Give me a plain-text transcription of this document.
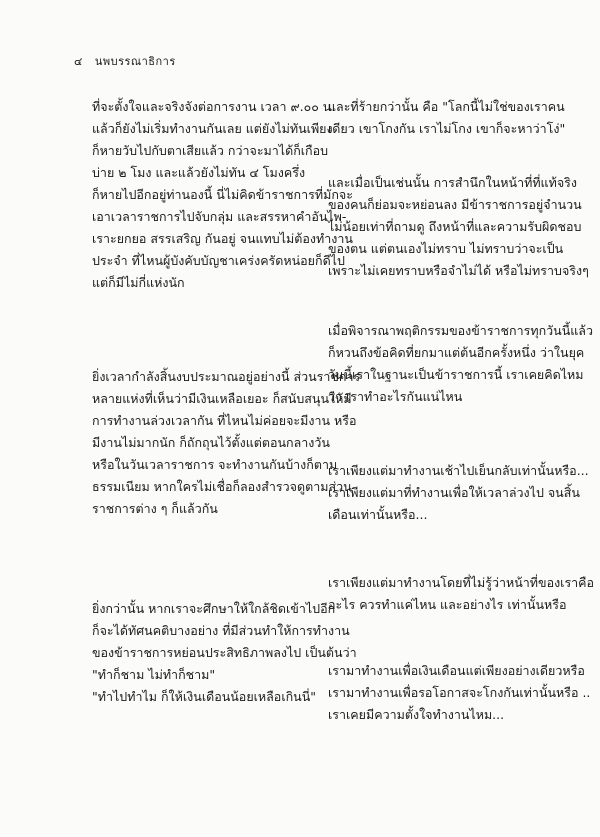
๔ นพบรรณาธิการ
ที่จะตั้งใจและจริงจังต่อการงาน เวลา ๙.๐๐ น.
แล้วก็ยังไม่เริ่มทำงานกันเลย แต่ยังไม่ทันเพียง
ก็หายวับไปกับตาเสียแล้ว กว่าจะมาได้ก็เกือบ
บ่าย ๒ โมง และแล้วยังไม่ทัน ๔ โมงครึ่ง
ก็หายไปอีกอยู่ท่านองนี้ นี่ไม่คิดข้าราชการที่มักจะ
เอาเวลาราชการไปจับกลุ่ม และสรรหาคำอันไพ-
เราะยกยอ สรรเสริญ กันอยู่ จนแทบไม่ต้องทำงาน
ประจำ ที่ไหนผู้บังคับบัญชาเคร่งครัดหน่อยก็ดีไป
แต่ก็มีไม่กี่แห่งนัก
ยิ่งเวลากำลังสิ้นงบประมาณอยู่อย่างนี้ ส่วนราชการ
หลายแห่งที่เห็นว่ามีเงินเหลือเยอะ ก็สนับสนุนให้มี
การทำงานล่วงเวลากัน ที่ไหนไม่ค่อยจะมีงาน หรือ
มีงานไม่มากนัก ก็ถักถุนไว้ตั้งแต่ตอนกลางวัน
หรือในวันเวลาราชการ จะทำงานกันบ้างก็ตาม
ธรรมเนียม หากใครไม่เชื่อก็ลองสำรวจดูตามส่วน
ราชการต่าง ๆ ก็แล้วกัน
ยิ่งกว่านั้น หากเราจะศึกษาให้ใกล้ชิดเข้าไปอีก
ก็จะได้ทัศนคติบางอย่าง ที่มีส่วนทำให้การทำงาน
ของข้าราชการหย่อนประสิทธิภาพลงไป เป็นต้นว่า
"ทำก็ชาม ไม่ทำก็ชาม"
"ทำไปทำไม ก็ให้เงินเดือนน้อยเหลือเกินนี่"
และที่ร้ายกว่านั้น คือ "โลกนี้ไม่ใช่ของเราคน
เดียว เขาโกงกัน เราไม่โกง เขาก็จะหาว่าโง่"
และเมื่อเป็นเช่นนั้น การสำนึกในหน้าที่ที่แท้จริง
ของคนก็ย่อมจะหย่อนลง มีข้าราชการอยู่จำนวน
ไม่น้อยเท่าที่ถามดู ถึงหน้าที่และความรับผิดชอบ
ของตน แต่ตนเองไม่ทราบ ไม่ทราบว่าจะเป็น
เพราะไม่เคยทราบหรือจำไม่ได้ หรือไม่ทราบจริงๆ
เมื่อพิจารณาพฤติกรรมของข้าราชการทุกวันนี้แล้ว
ก็หวนถึงข้อคิดที่ยกมาแต่ต้นอีกครั้งหนึ่ง ว่าในยุค
วันนี้เราในฐานะเป็นข้าราชการนี้ เราเคยคิดไหม
ว่า เราทำอะไรกันแน่ไหน
เราเพียงแต่มาทำงานเช้าไปเย็นกลับเท่านั้นหรือ...
เราเพียงแต่มาที่ทำงานเพื่อให้เวลาล่วงไป จนสิ้น
เดือนเท่านั้นหรือ...
เราเพียงแต่มาทำงานโดยที่ไม่รู้ว่าหน้าที่ของเราคือ
อะไร ควรทำแค่ไหน และอย่างไร เท่านั้นหรือ
เรามาทำงานเพื่อเงินเดือนแต่เพียงอย่างเดียวหรือ
เรามาทำงานเพื่อรอโอกาสจะโกงกันเท่านั้นหรือ ..
เราเคยมีความตั้งใจทำงานไหม...
